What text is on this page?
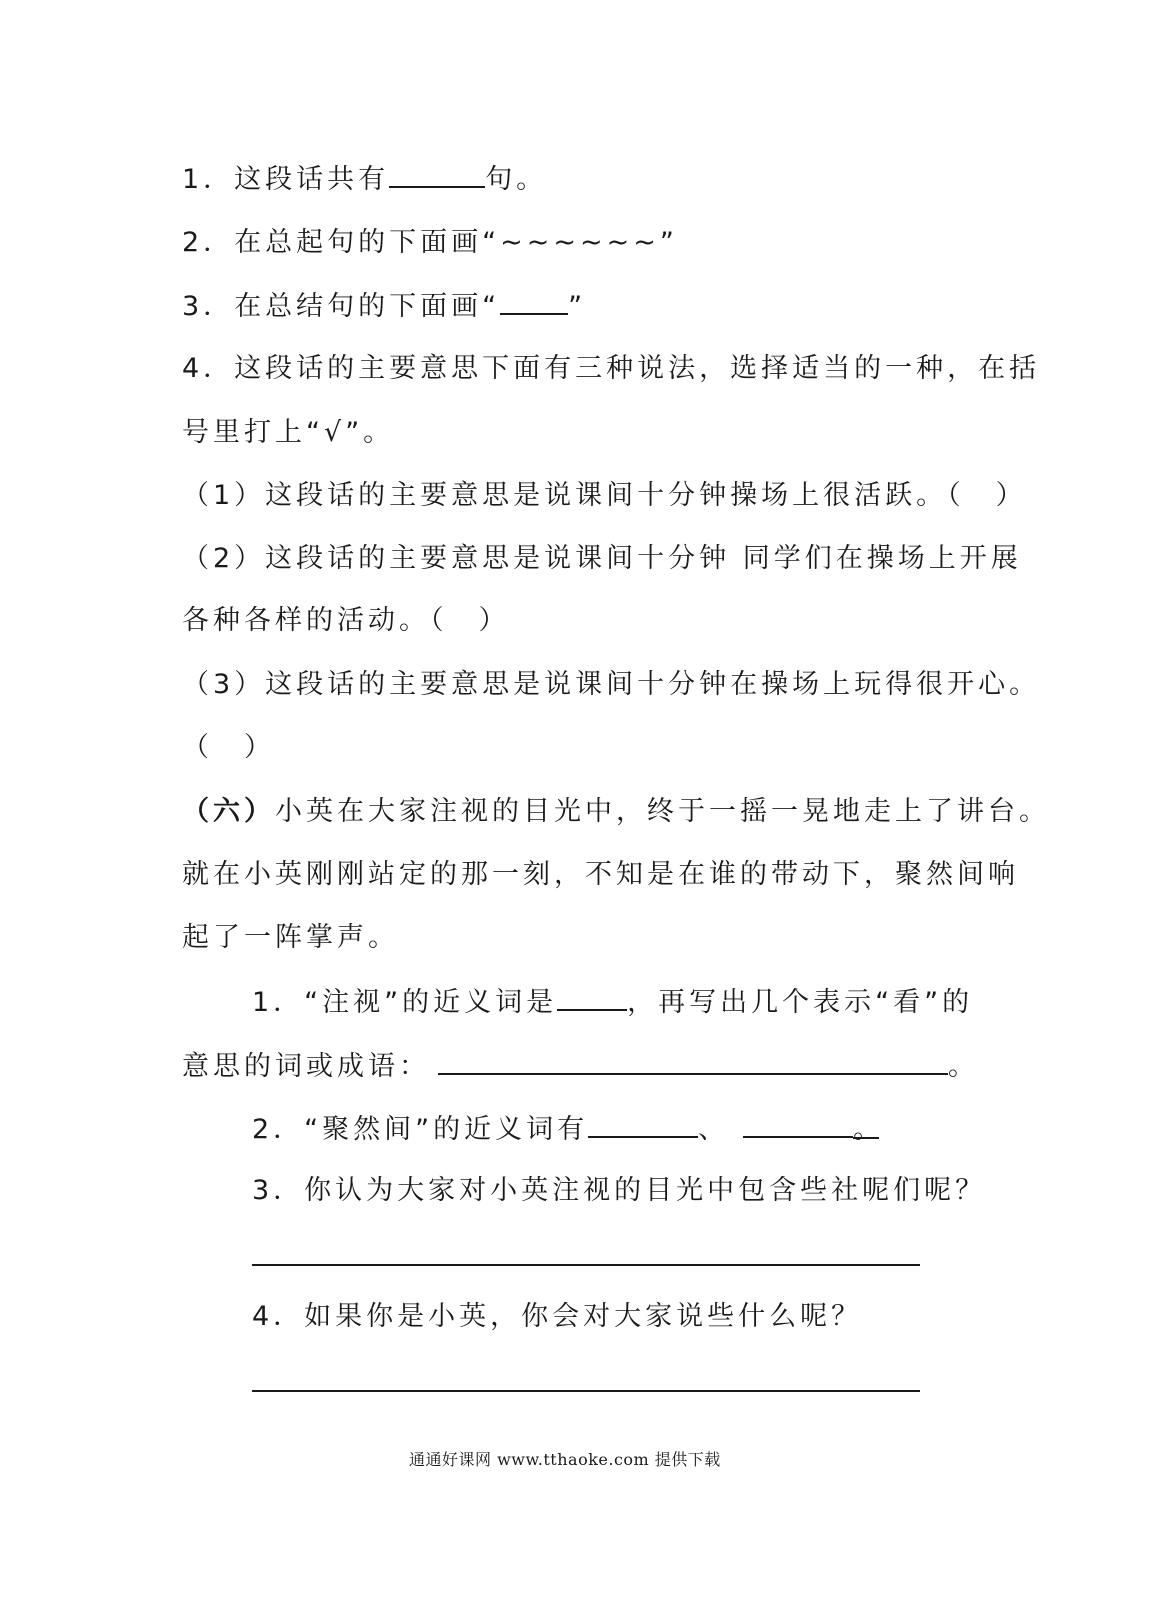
1．这段话共有	句。
2．在总起句的下面画“~~~~~~”
3．在总结句的下面画“	”
4．这段话的主要意思下面有三种说法，选择适当的一种，在括
号里打上“√”。
（1）这段话的主要意思是说课间十分钟操场上很活跃。（　）
（2）这段话的主要意思是说课间十分钟 同学们在操场上开展
各种各样的活动。（　）
（3）这段话的主要意思是说课间十分钟在操场上玩得很开心。
（　）
（六）小英在大家注视的目光中，终于一摇一晃地走上了讲台。
就在小英刚刚站定的那一刻，不知是在谁的带动下，聚然间响
起了一阵掌声。
1．“注视”的近义词是	，再写出几个表示“看”的
意思的词或成语：	。
2．“聚然间”的近义词有	、	。
3．你认为大家对小英注视的目光中包含些社呢们呢？
4．如果你是小英，你会对大家说些什么呢？
通通好课网 www.tthaoke.com 提供下载
